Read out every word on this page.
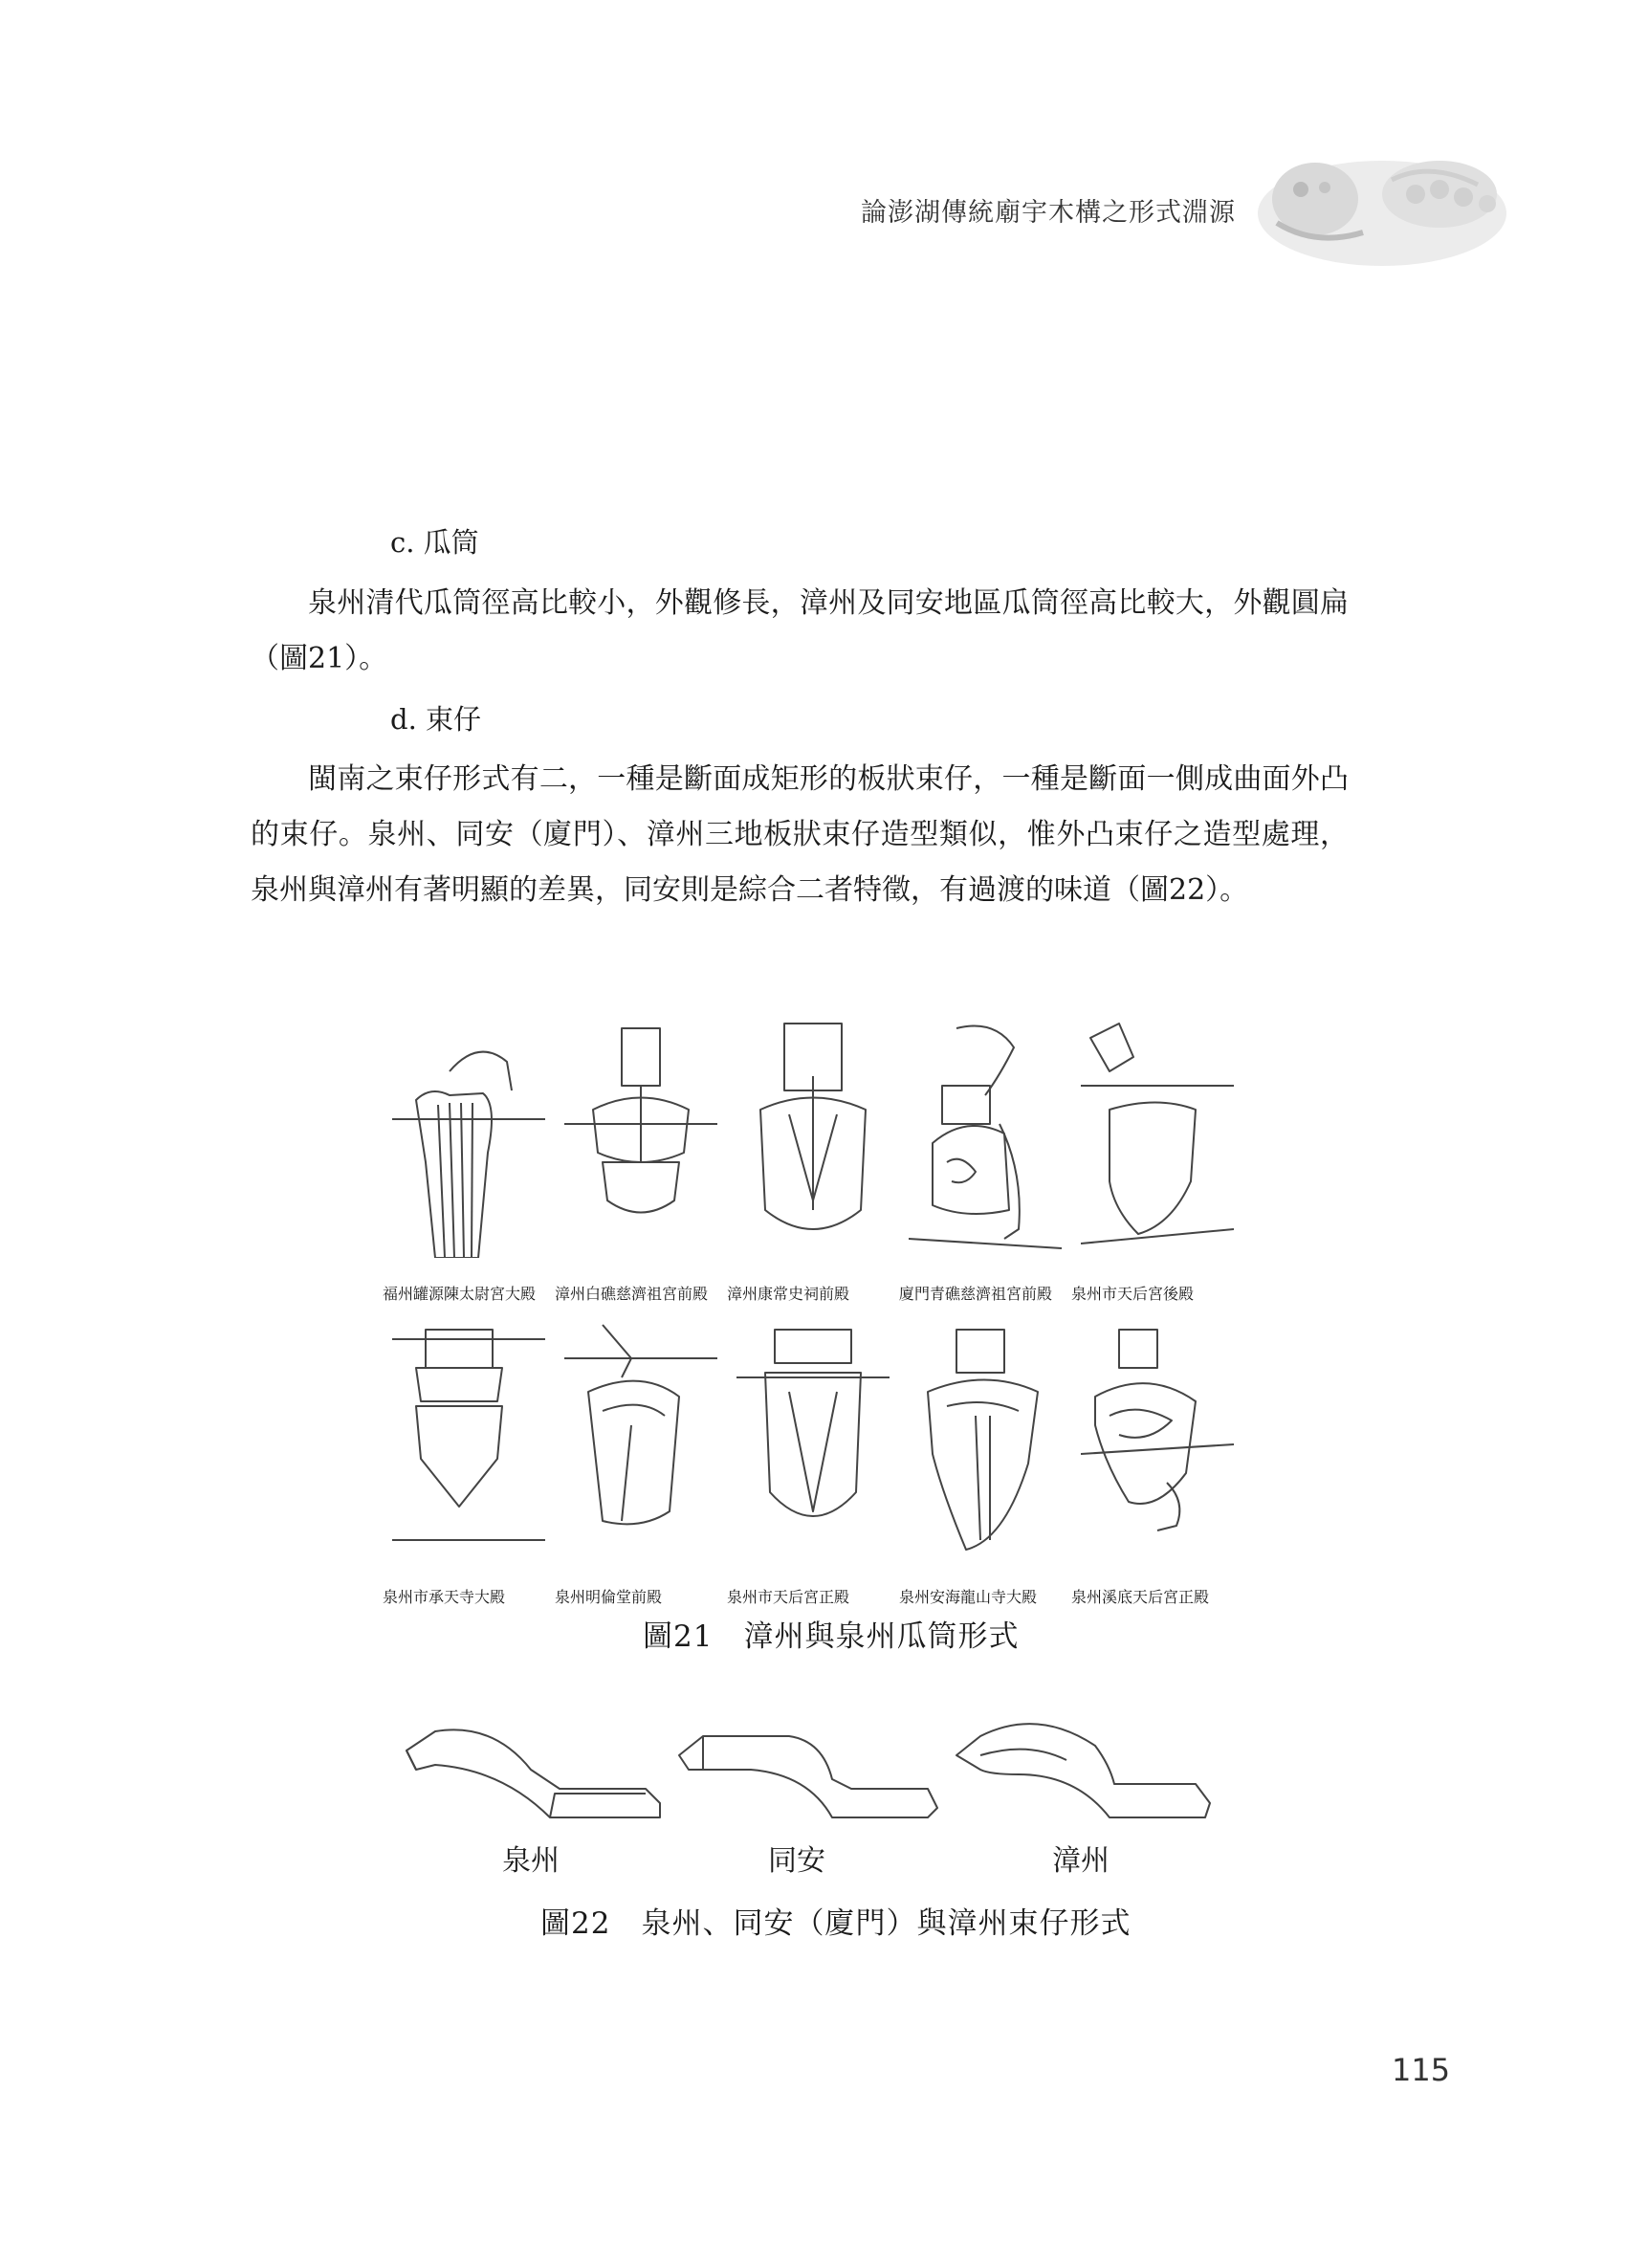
論澎湖傳統廟宇木構之形式淵源
c. 瓜筒
泉州清代瓜筒徑高比較小，外觀修長，漳州及同安地區瓜筒徑高比較大，外觀圓扁（圖21）。
d. 束仔
閩南之束仔形式有二，一種是斷面成矩形的板狀束仔，一種是斷面一側成曲面外凸的束仔。泉州、同安（廈門）、漳州三地板狀束仔造型類似，惟外凸束仔之造型處理，泉州與漳州有著明顯的差異，同安則是綜合二者特徵，有過渡的味道（圖22）。
福州罐源陳太尉宮大殿	漳州白礁慈濟祖宮前殿	漳州康常史祠前殿	廈門青礁慈濟祖宮前殿	泉州市天后宮後殿
泉州市承天寺大殿	泉州明倫堂前殿	泉州市天后宮正殿	泉州安海龍山寺大殿	泉州溪底天后宮正殿
圖21　漳州與泉州瓜筒形式
泉州	同安	漳州
圖22　泉州、同安（廈門）與漳州束仔形式
115
